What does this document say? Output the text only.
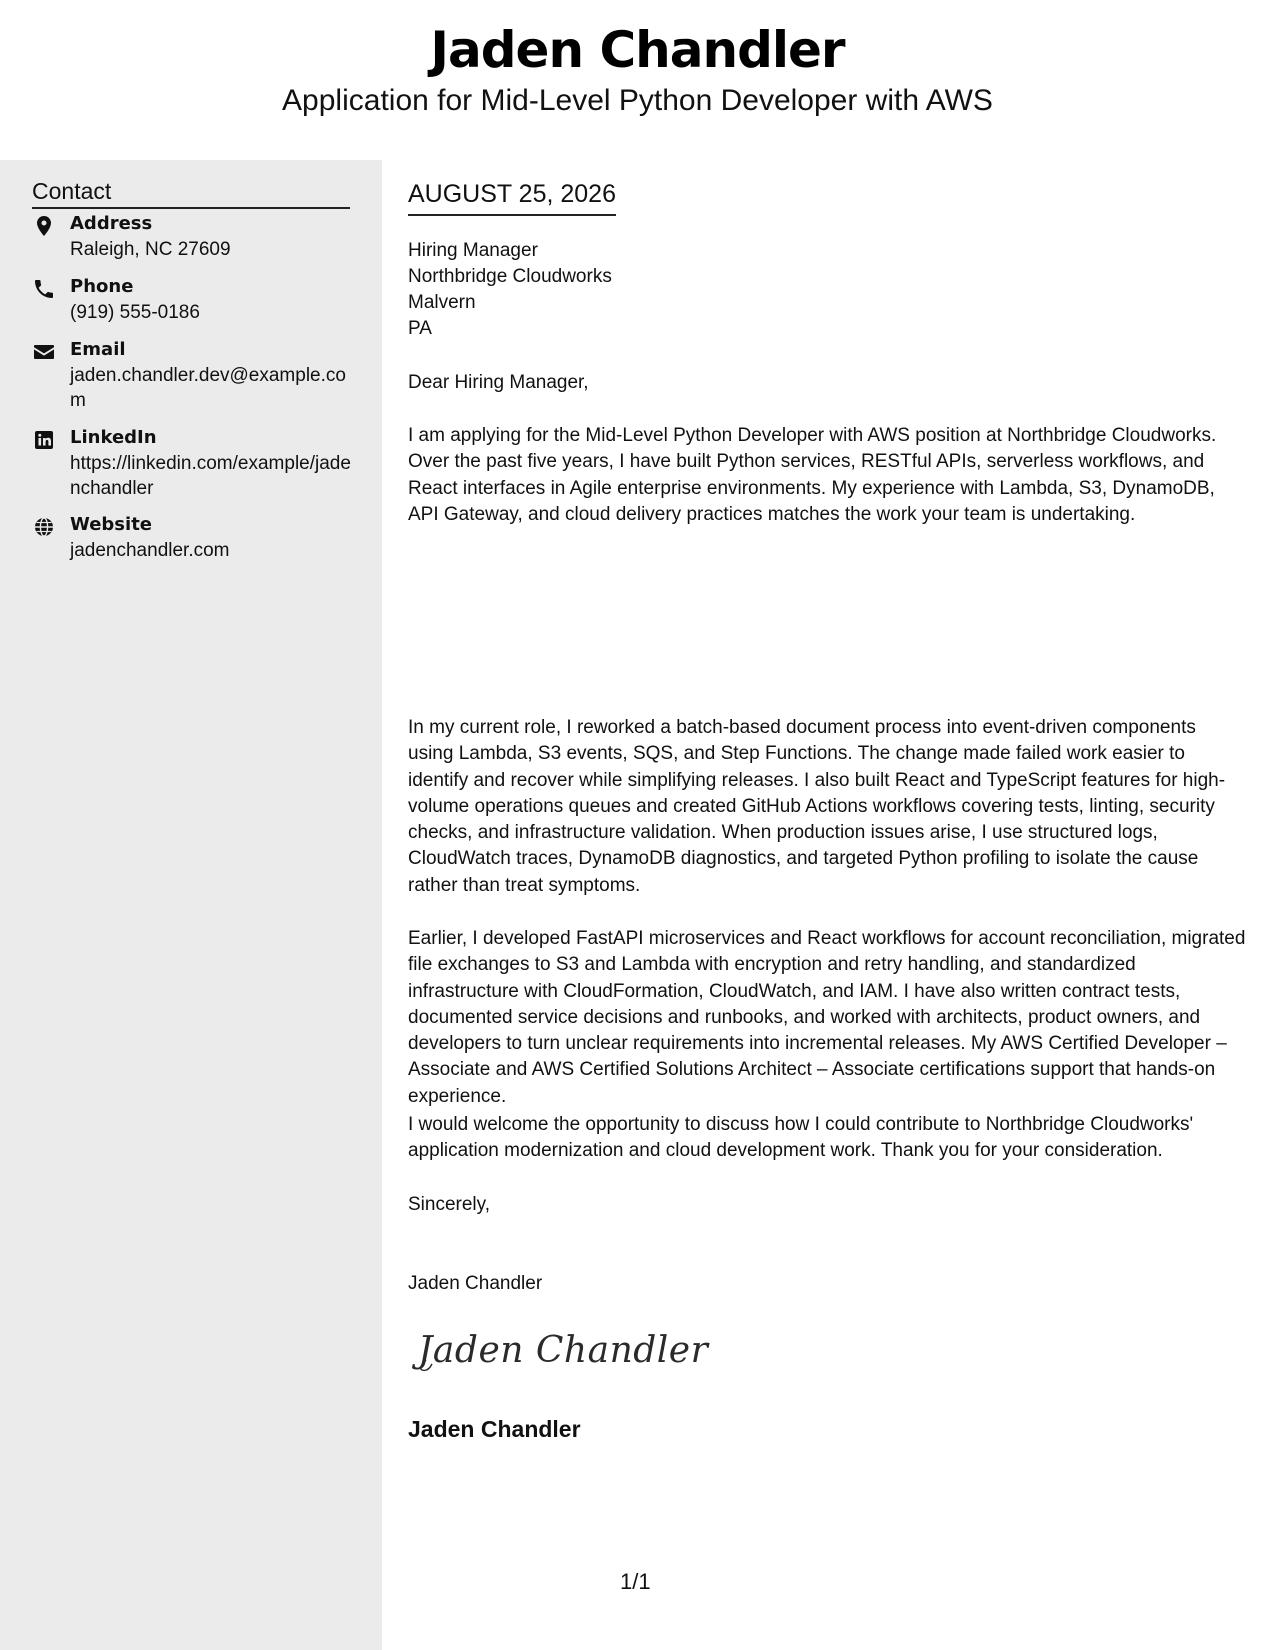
Jaden Chandler
Application for Mid-Level Python Developer with AWS
Contact
Address
Raleigh, NC 27609
Phone
(919) 555-0186
Email
jaden.chandler.dev@example.com
LinkedIn
https://linkedin.com/example/jadenchandler
Website
jadenchandler.com
AUGUST 25, 2026
Hiring Manager
Northbridge Cloudworks
Malvern
PA
Dear Hiring Manager,
I am applying for the Mid-Level Python Developer with AWS position at Northbridge Cloudworks. Over the past five years, I have built Python services, RESTful APIs, serverless workflows, and React interfaces in Agile enterprise environments. My experience with Lambda, S3, DynamoDB, API Gateway, and cloud delivery practices matches the work your team is undertaking.
In my current role, I reworked a batch-based document process into event-driven components using Lambda, S3 events, SQS, and Step Functions. The change made failed work easier to identify and recover while simplifying releases. I also built React and TypeScript features for high-volume operations queues and created GitHub Actions workflows covering tests, linting, security checks, and infrastructure validation. When production issues arise, I use structured logs, CloudWatch traces, DynamoDB diagnostics, and targeted Python profiling to isolate the cause rather than treat symptoms.
Earlier, I developed FastAPI microservices and React workflows for account reconciliation, migrated file exchanges to S3 and Lambda with encryption and retry handling, and standardized infrastructure with CloudFormation, CloudWatch, and IAM. I have also written contract tests, documented service decisions and runbooks, and worked with architects, product owners, and developers to turn unclear requirements into incremental releases. My AWS Certified Developer – Associate and AWS Certified Solutions Architect – Associate certifications support that hands-on experience.
I would welcome the opportunity to discuss how I could contribute to Northbridge Cloudworks' application modernization and cloud development work. Thank you for your consideration.
Sincerely,
Jaden Chandler
Jaden Chandler
Jaden Chandler
1/1
